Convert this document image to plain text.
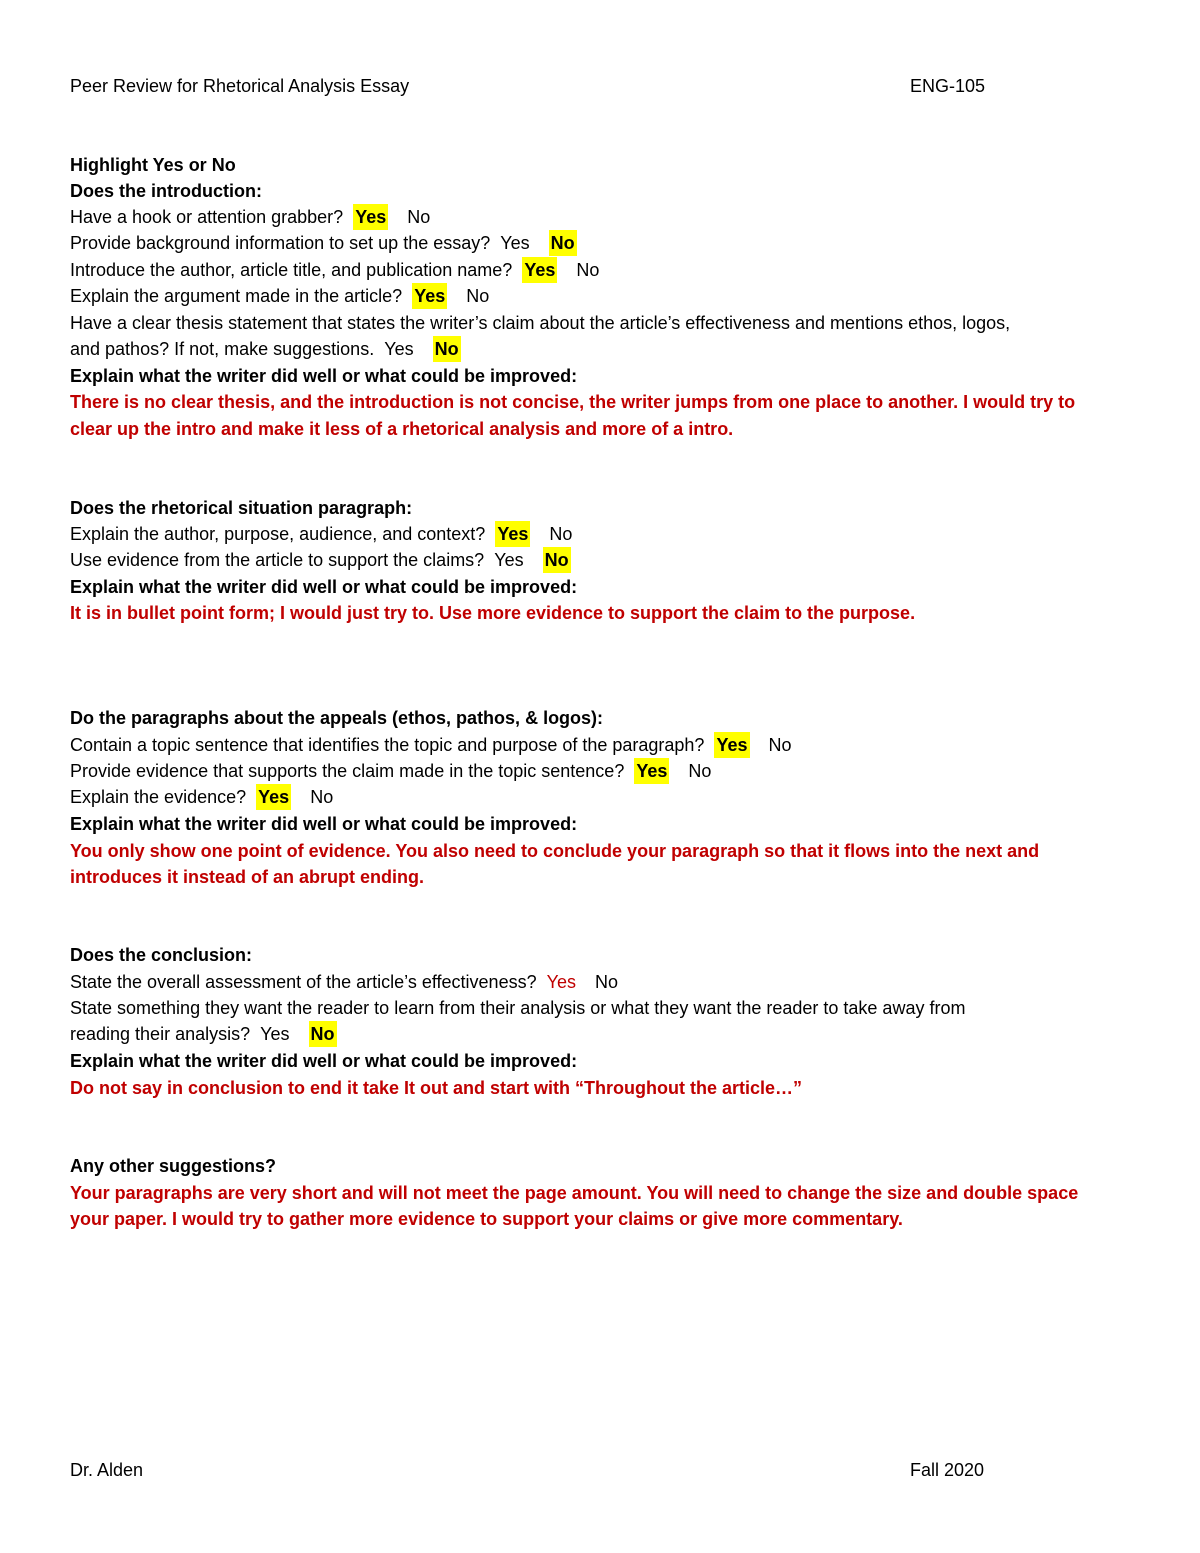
Peer Review for Rhetorical Analysis Essay	ENG-105
Highlight Yes or No
Does the introduction:
Have a hook or attention grabber? Yes No
Provide background information to set up the essay? Yes No
Introduce the author, article title, and publication name? Yes No
Explain the argument made in the article? Yes No
Have a clear thesis statement that states the writer’s claim about the article’s effectiveness and mentions ethos, logos,
and pathos? If not, make suggestions. Yes No
Explain what the writer did well or what could be improved:
There is no clear thesis, and the introduction is not concise, the writer jumps from one place to another. I would try to
clear up the intro and make it less of a rhetorical analysis and more of a intro.
Does the rhetorical situation paragraph:
Explain the author, purpose, audience, and context? Yes No
Use evidence from the article to support the claims? Yes No
Explain what the writer did well or what could be improved:
It is in bullet point form; I would just try to. Use more evidence to support the claim to the purpose.
Do the paragraphs about the appeals (ethos, pathos, & logos):
Contain a topic sentence that identifies the topic and purpose of the paragraph? Yes No
Provide evidence that supports the claim made in the topic sentence? Yes No
Explain the evidence? Yes No
Explain what the writer did well or what could be improved:
You only show one point of evidence. You also need to conclude your paragraph so that it flows into the next and
introduces it instead of an abrupt ending.
Does the conclusion:
State the overall assessment of the article’s effectiveness? Yes No
State something they want the reader to learn from their analysis or what they want the reader to take away from
reading their analysis? Yes No
Explain what the writer did well or what could be improved:
Do not say in conclusion to end it take It out and start with “Throughout the article…”
Any other suggestions?
Your paragraphs are very short and will not meet the page amount. You will need to change the size and double space
your paper. I would try to gather more evidence to support your claims or give more commentary.
Dr. Alden	Fall 2020
